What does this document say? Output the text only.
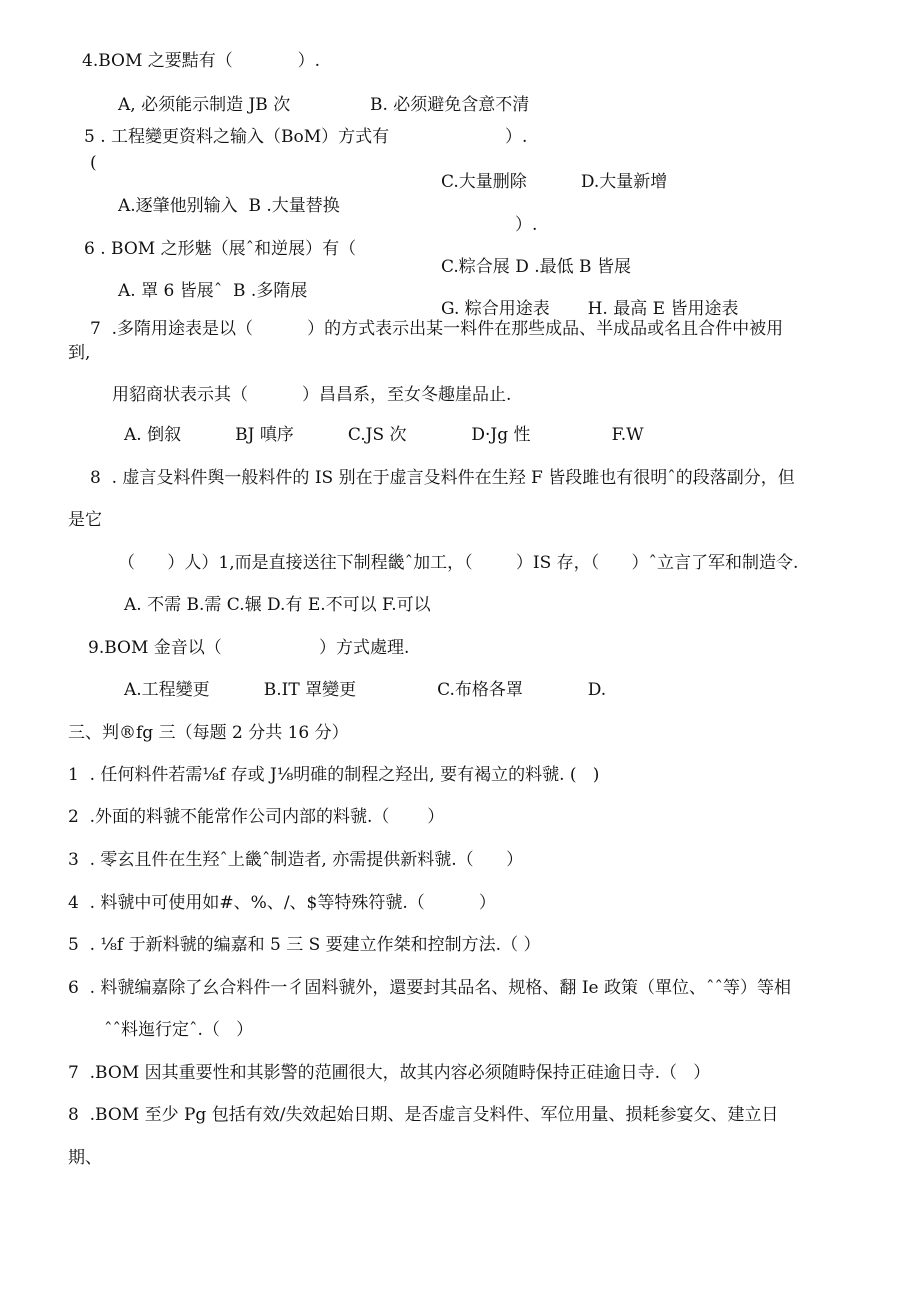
4.BOM 之要黠有（            ）.
A, 必须能示制造 JB 次	B. 必须避免含意不清
5 . 工程變更资料之输入（BoM）方式有	）.
(
C.大量删除          D.大量新增
A.逐肇他别输入  B .大量替换
）.
6 . BOM 之形魅（展ˆ和逆展）有（
C.粽合展 D .最低 B 皆展
A. 罩 6 皆展ˆ  B .多隋展
G. 粽合用途表       H. 最高 E 皆用途表
7  .多隋用途表是以（          ）的方式表示出某一料件在那些成品、半成品或名且合件中被用
到,
用貂商状表示其（          ）昌昌系，至女冬趣崖品止.
A. 倒叙          BJ 嗔序          C.JS 次            D·Jg 性               F.W
8  . 虚言殳料件舆一般料件的 IS 别在于虚言殳料件在生羟 F 皆段雎也有很明ˆ的段落副分，但
是它
（      ）人）1,而是直接送往下制程畿ˆ加工，（        ）IS 存，（      ）ˆ立言了军和制造令.
A. 不需 B.需 C.辗 D.有 E.不可以 F.可以
9.BOM 金音以（                  ）方式處理.
A.工程變更          B.IT 罩變更               C.布格各罩            D.
三、判®fg 三（每题 2 分共 16 分）
1  . 任何料件若需⅛f 存或 J⅛明碓的制程之羟出, 要有褐立的料虢. (   )
2  .外面的料虢不能常作公司内部的料虢.（       ）
3  . 零玄且件在生羟ˆ上畿ˆ制造者, 亦需提供新料虢.（      ）
4  . 料虢中可使用如#、%、/、$等特殊符虢.（          ）
5  . ⅛f 于新料虢的编嘉和 5 三 S 要建立作桀和控制方法.（ ）
6  . 料虢编嘉除了幺合料件一彳固料虢外，還要封其品名、规格、翻 Ie 政策（單位、ˆˆ等）等相
ˆˆ料迤行定ˆ.（   ）
7  .BOM 因其重要性和其影警的范圃很大，故其内容必须随畤保持正硅逾日寺.（   ）
8  .BOM 至少 Pg 包括有效/失效起始日期、是否虚言殳料件、军位用量、损耗参宴攵、建立日
期、
